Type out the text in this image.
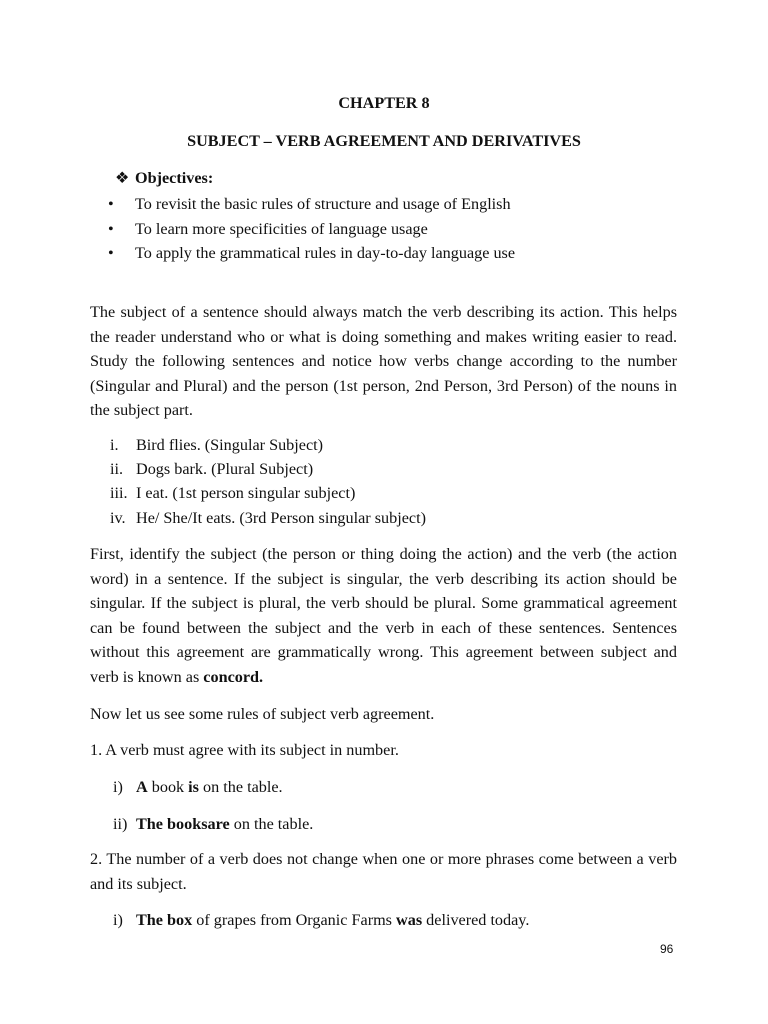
CHAPTER 8
SUBJECT – VERB AGREEMENT AND DERIVATIVES
❖ Objectives:
• To revisit the basic rules of structure and usage of English
• To learn more specificities of language usage
• To apply the grammatical rules in day-to-day language use
The subject of a sentence should always match the verb describing its action. This helps the reader understand who or what is doing something and makes writing easier to read. Study the following sentences and notice how verbs change according to the number (Singular and Plural) and the person (1st person, 2nd Person, 3rd Person) of the nouns in the subject part.
i. Bird flies. (Singular Subject)
ii. Dogs bark. (Plural Subject)
iii. I eat. (1st person singular subject)
iv. He/ She/It eats. (3rd Person singular subject)
First, identify the subject (the person or thing doing the action) and the verb (the action word) in a sentence. If the subject is singular, the verb describing its action should be singular. If the subject is plural, the verb should be plural. Some grammatical agreement can be found between the subject and the verb in each of these sentences. Sentences without this agreement are grammatically wrong. This agreement between subject and verb is known as concord.
Now let us see some rules of subject verb agreement.
1. A verb must agree with its subject in number.
i) A book is on the table.
ii) The booksare on the table.
2. The number of a verb does not change when one or more phrases come between a verb and its subject.
i) The box of grapes from Organic Farms was delivered today.
96
